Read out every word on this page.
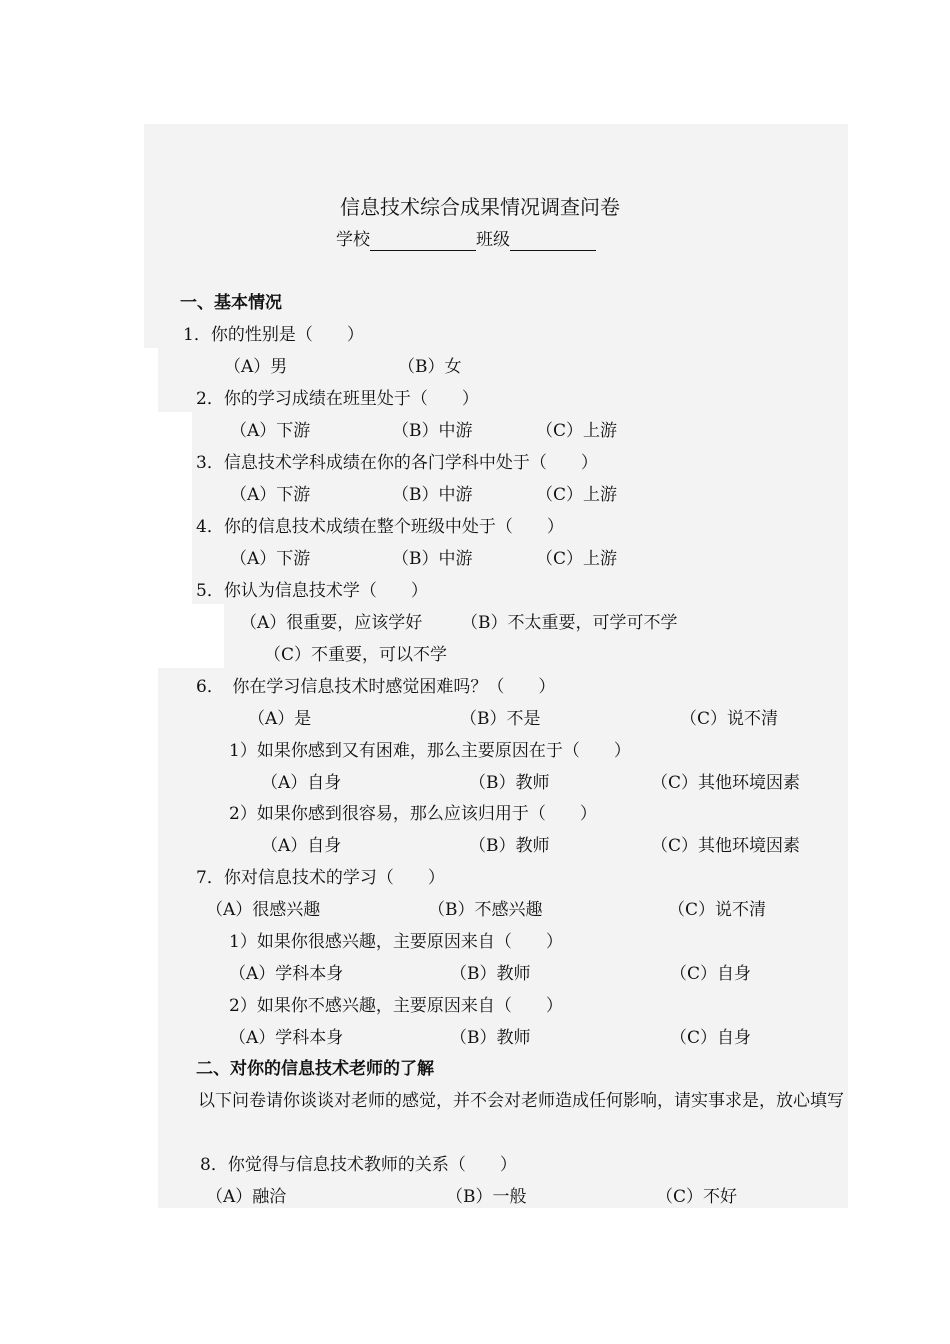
信息技术综合成果情况调查问卷
学校	班级
一、基本情况
1．你的性别是（　　）
（A）男	（B）女
2．你的学习成绩在班里处于（　　）
（A）下游	（B）中游	（C）上游
3．信息技术学科成绩在你的各门学科中处于（　　）
（A）下游	（B）中游	（C）上游
4．你的信息技术成绩在整个班级中处于（　　）
（A）下游	（B）中游	（C）上游
5．你认为信息技术学（　　）
（A）很重要，应该学好 （B）不太重要，可学可不学
（C）不重要，可以不学
6．　你在学习信息技术时感觉困难吗？（　　）
（A）是	（B）不是	（C）说不清
1）如果你感到又有困难，那么主要原因在于（　　）
（A）自身	（B）教师	（C）其他环境因素
2）如果你感到很容易，那么应该归用于（　　）
（A）自身	（B）教师	（C）其他环境因素
7．你对信息技术的学习（　　）
（A）很感兴趣	（B）不感兴趣	（C）说不清
1）如果你很感兴趣，主要原因来自（　　）
（A）学科本身	（B）教师	（C）自身
2）如果你不感兴趣，主要原因来自（　　）
（A）学科本身	（B）教师	（C）自身
二、对你的信息技术老师的了解
以下问卷请你谈谈对老师的感觉，并不会对老师造成任何影响，请实事求是，放心填写
8．你觉得与信息技术教师的关系（　　）
（A）融洽	（B）一般	（C）不好
